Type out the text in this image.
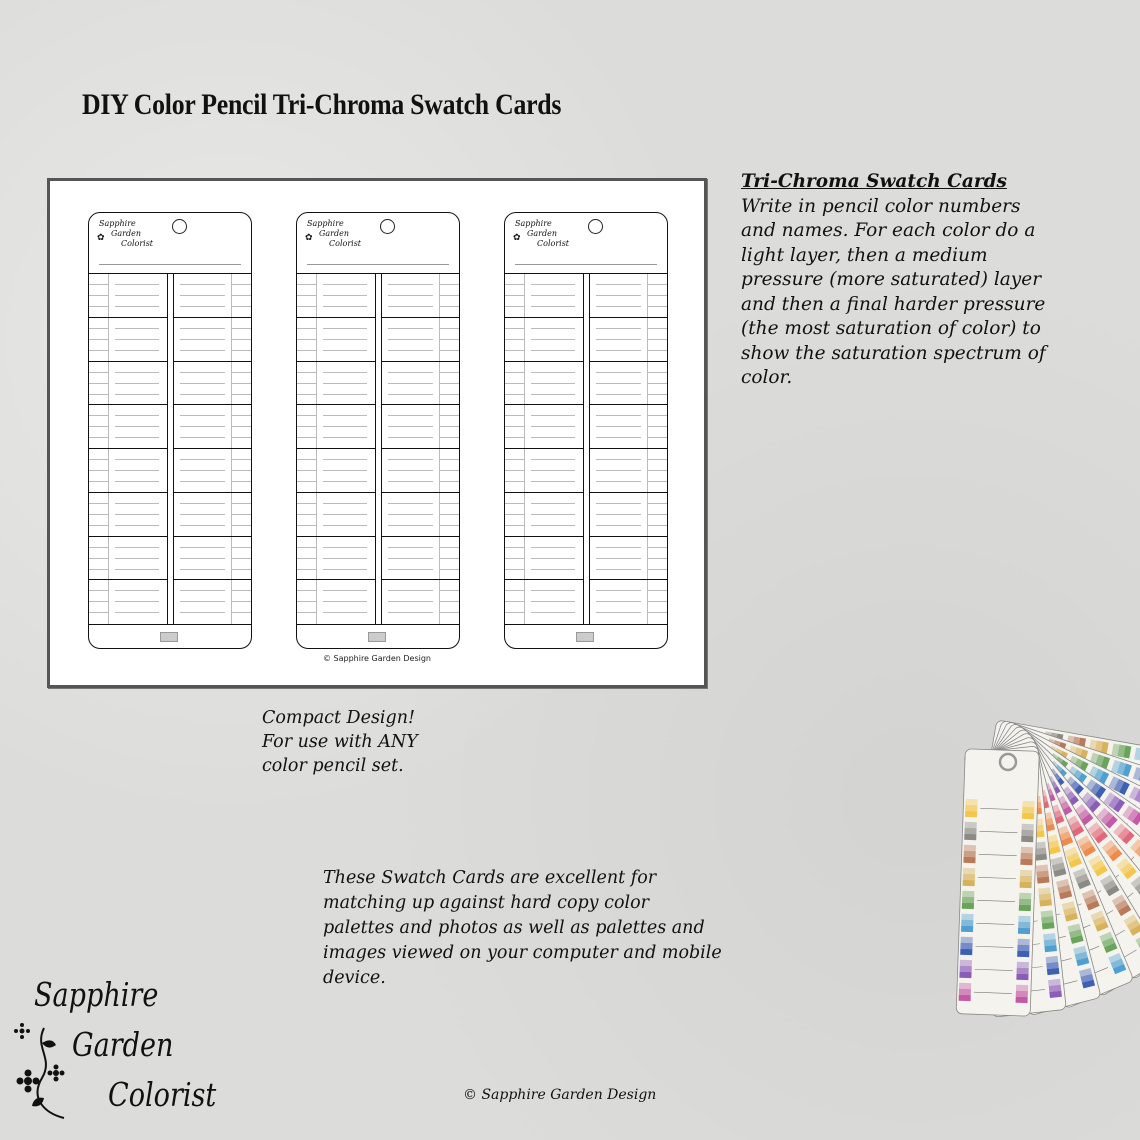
DIY Color Pencil Tri-Chroma Swatch Cards
Sapphire
Garden
Colorist
✿
Sapphire
Garden
Colorist
✿
Sapphire
Garden
Colorist
✿
© Sapphire Garden Design
Tri-Chroma Swatch Cards
Write in pencil color numbers and names. For each color do a light layer, then a medium pressure (more saturated) layer and then a final harder pressure (the most saturation of color) to show the saturation spectrum of color.
Compact Design!
For use with ANY
color pencil set.
These Swatch Cards are excellent for matching up against hard copy color palettes and photos as well as palettes and images viewed on your computer and mobile device.
Sapphire
Garden
Colorist	© Sapphire Garden Design
